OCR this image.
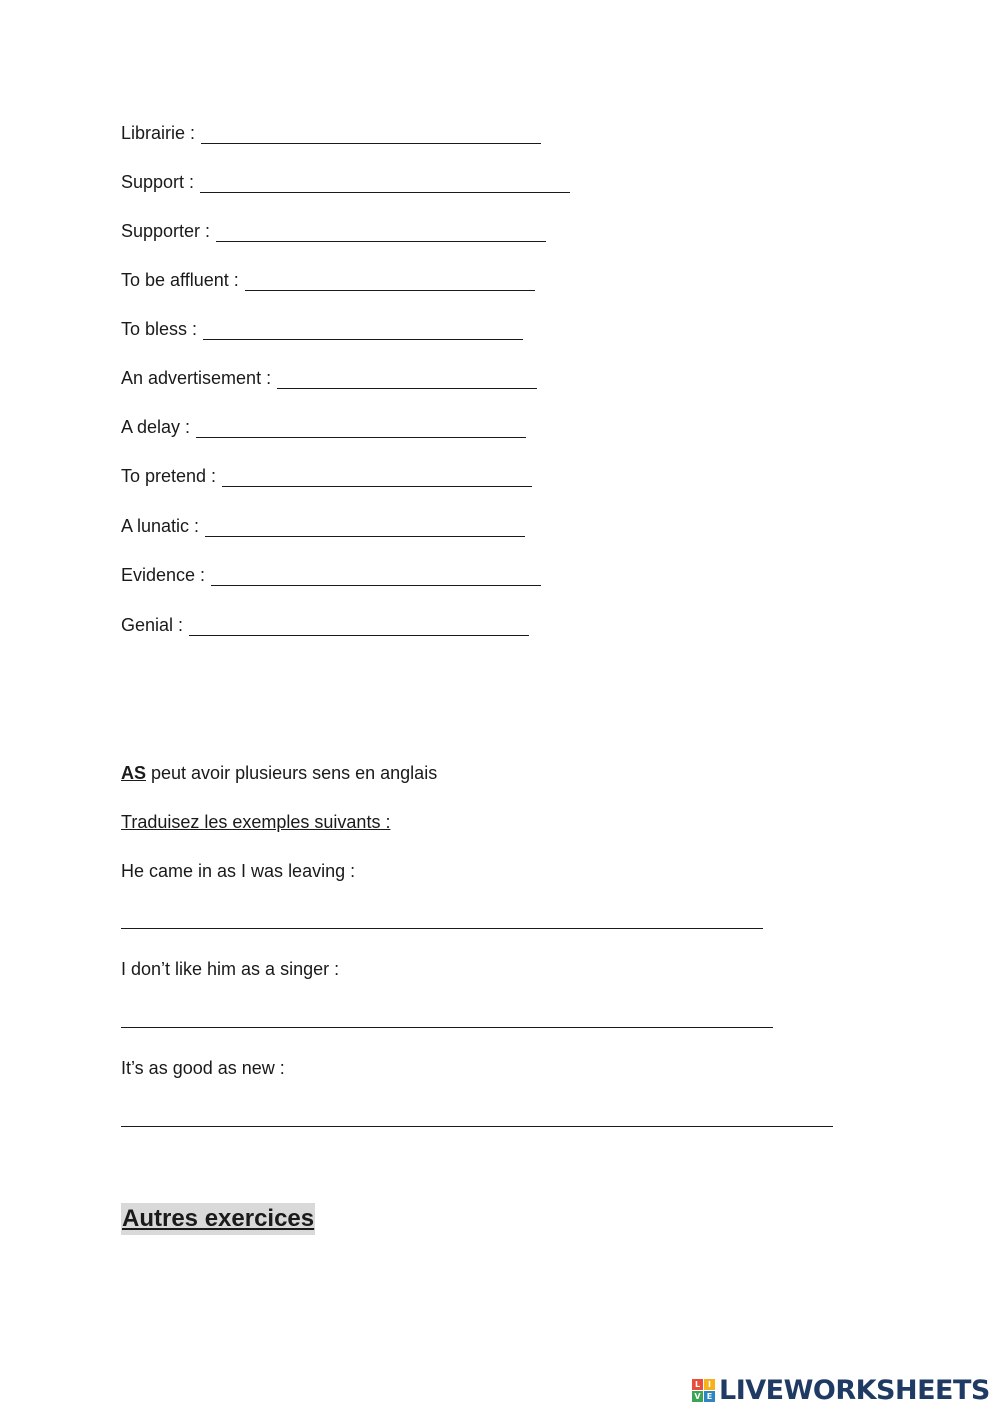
Librairie :
Support :
Supporter :
To be affluent :
To bless :
An advertisement :
A delay :
To pretend :
A lunatic :
Evidence :
Genial :
AS peut avoir plusieurs sens en anglais
Traduisez les exemples suivants :
He came in as I was leaving :
I don’t like him as a singer :
It’s as good as new :
Autres exercices
L I
V E LIVEWORKSHEETS
